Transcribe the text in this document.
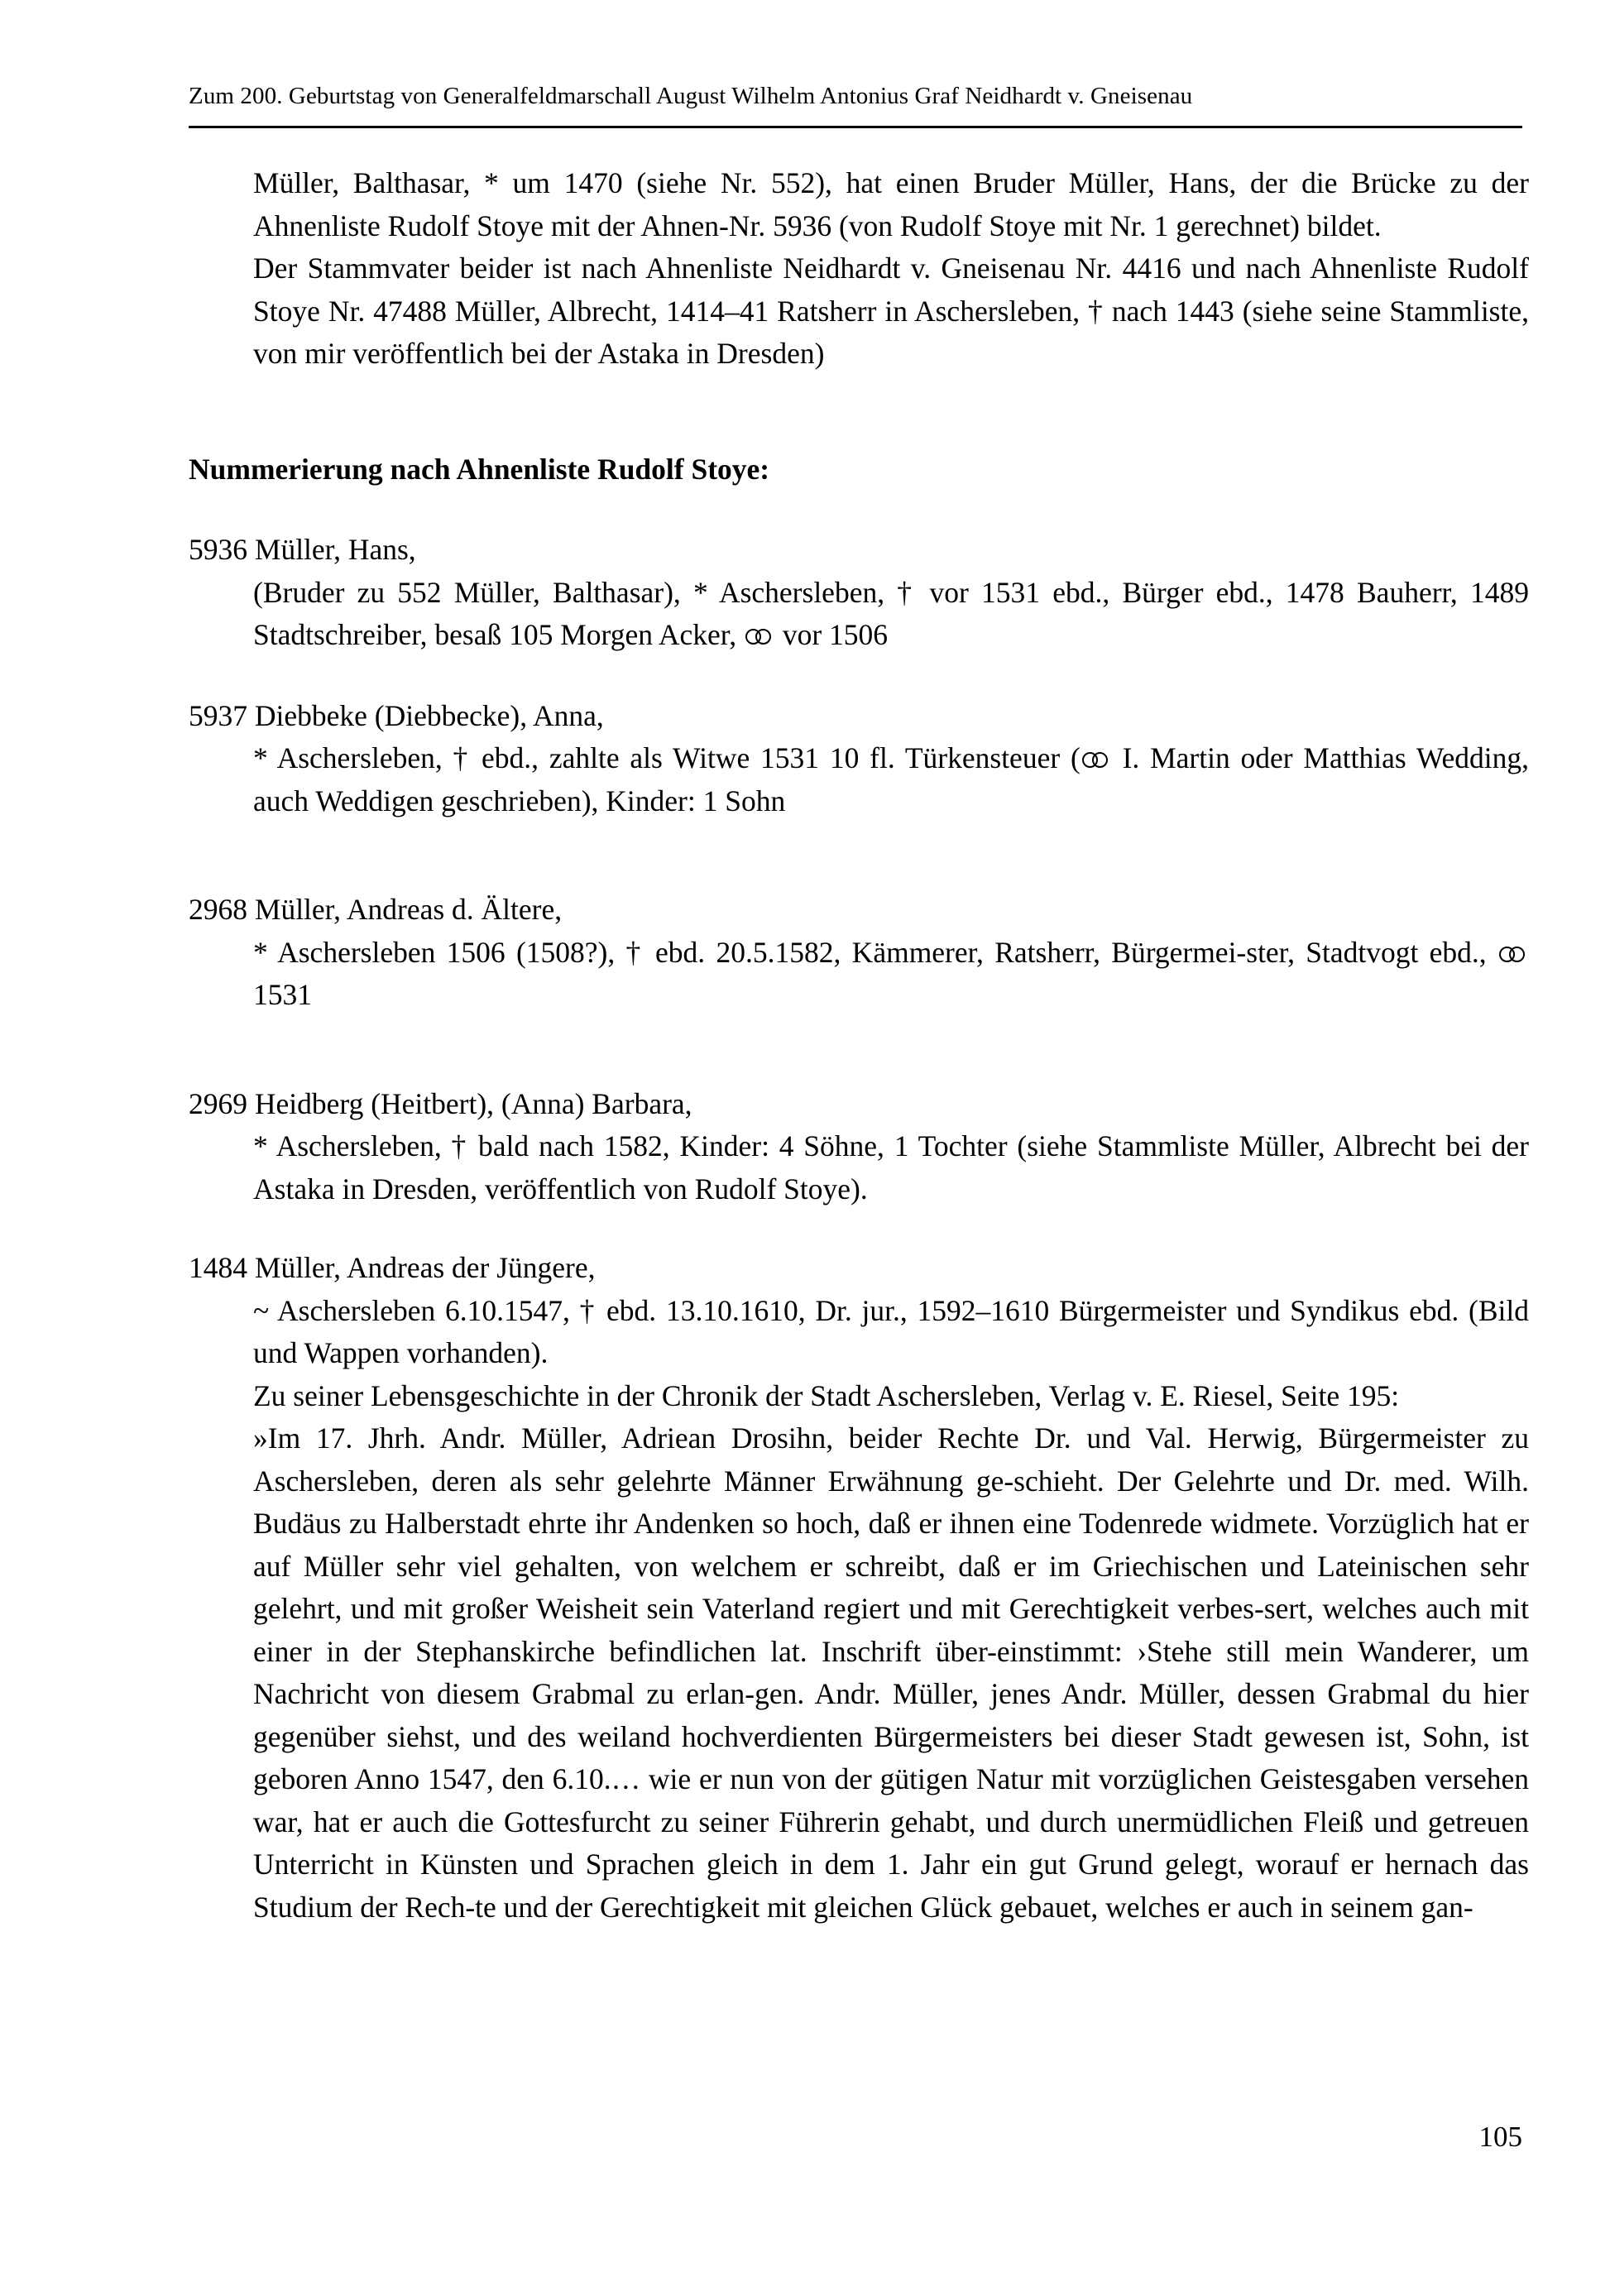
Zum 200. Geburtstag von Generalfeldmarschall August Wilhelm Antonius Graf Neidhardt v. Gneisenau

Müller, Balthasar, * um 1470 (siehe Nr. 552), hat einen Bruder Müller, Hans, der die Brücke zu der Ahnenliste Rudolf Stoye mit der Ahnen-Nr. 5936 (von Rudolf Stoye mit Nr. 1 gerechnet) bildet.

Der Stammvater beider ist nach Ahnenliste Neidhardt v. Gneisenau Nr. 4416 und nach Ahnenliste Rudolf Stoye Nr. 47488 Müller, Albrecht, 1414–41 Ratsherr in Aschersleben, † nach 1443 (siehe seine Stammliste, von mir veröffentlich bei der Astaka in Dresden)

Nummerierung nach Ahnenliste Rudolf Stoye:

5936 Müller, Hans,

(Bruder zu 552 Müller, Balthasar), * Aschersleben, † vor 1531 ebd., Bürger ebd., 1478 Bauherr, 1489 Stadtschreiber, besaß 105 Morgen Acker,  vor 1506

5937 Diebbeke (Diebbecke), Anna,

* Aschersleben, † ebd., zahlte als Witwe 1531 10 fl. Türkensteuer ( I. Martin oder Matthias Wedding, auch Weddigen geschrieben), Kinder: 1 Sohn

2968 Müller, Andreas d. Ältere,

* Aschersleben 1506 (1508?), † ebd. 20.5.1582, Kämmerer, Ratsherr, Bürgermei-ster, Stadtvogt ebd.,  1531

2969 Heidberg (Heitbert), (Anna) Barbara,

* Aschersleben, † bald nach 1582, Kinder: 4 Söhne, 1 Tochter (siehe Stammliste Müller, Albrecht bei der Astaka in Dresden, veröffentlich von Rudolf Stoye).

1484 Müller, Andreas der Jüngere,

~ Aschersleben 6.10.1547, † ebd. 13.10.1610, Dr. jur., 1592–1610 Bürgermeister und Syndikus ebd. (Bild und Wappen vorhanden).

Zu seiner Lebensgeschichte in der Chronik der Stadt Aschersleben, Verlag v. E. Riesel, Seite 195:

»Im 17. Jhrh. Andr. Müller, Adriean Drosihn, beider Rechte Dr. und Val. Herwig, Bürgermeister zu Aschersleben, deren als sehr gelehrte Männer Erwähnung ge-schieht. Der Gelehrte und Dr. med. Wilh. Budäus zu Halberstadt ehrte ihr Andenken so hoch, daß er ihnen eine Todenrede widmete. Vorzüglich hat er auf Müller sehr viel gehalten, von welchem er schreibt, daß er im Griechischen und Lateinischen sehr gelehrt, und mit großer Weisheit sein Vaterland regiert und mit Gerechtigkeit verbes-sert, welches auch mit einer in der Stephanskirche befindlichen lat. Inschrift über-einstimmt: ›Stehe still mein Wanderer, um Nachricht von diesem Grabmal zu erlan-gen. Andr. Müller, jenes Andr. Müller, dessen Grabmal du hier gegenüber siehst, und des weiland hochverdienten Bürgermeisters bei dieser Stadt gewesen ist, Sohn, ist geboren Anno 1547, den 6.10.… wie er nun von der gütigen Natur mit vorzüglichen Geistesgaben versehen war, hat er auch die Gottesfurcht zu seiner Führerin gehabt, und durch unermüdlichen Fleiß und getreuen Unterricht in Künsten und Sprachen gleich in dem 1. Jahr ein gut Grund gelegt, worauf er hernach das Studium der Rech-te und der Gerechtigkeit mit gleichen Glück gebauet, welches er auch in seinem gan-

105
